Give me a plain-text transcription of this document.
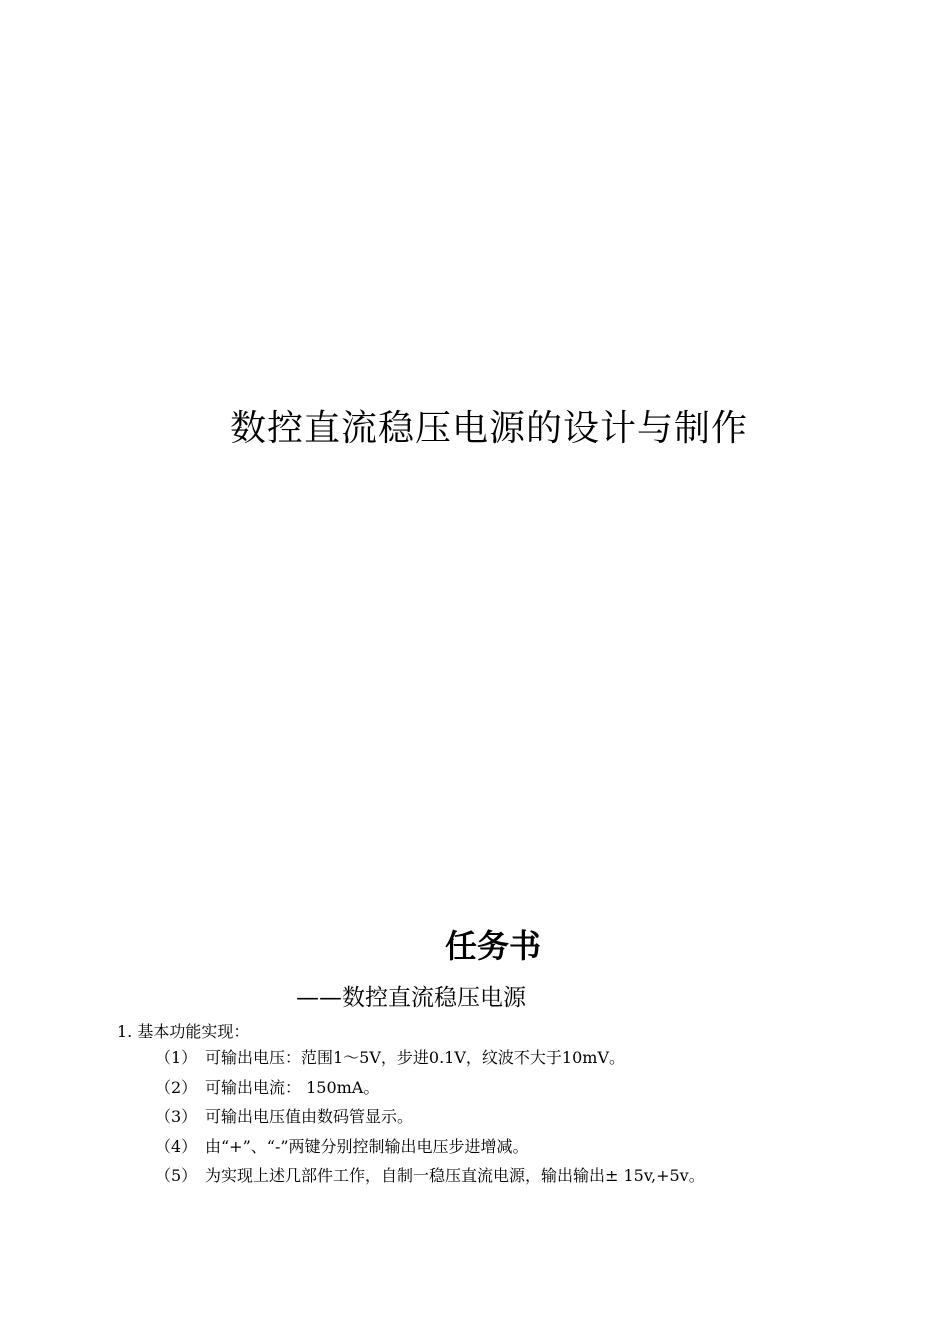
数控直流稳压电源的设计与制作
任务书
——数控直流稳压电源
1. 基本功能实现：
（1） 可输出电压：范围1～5V，步进0.1V，纹波不大于10mV。
（2） 可输出电流： 150mA。
（3） 可输出电压值由数码管显示。
（4） 由“+”、“-”两键分别控制输出电压步进增减。
（5） 为实现上述几部件工作，自制一稳压直流电源，输出输出± 15v,+5v。
